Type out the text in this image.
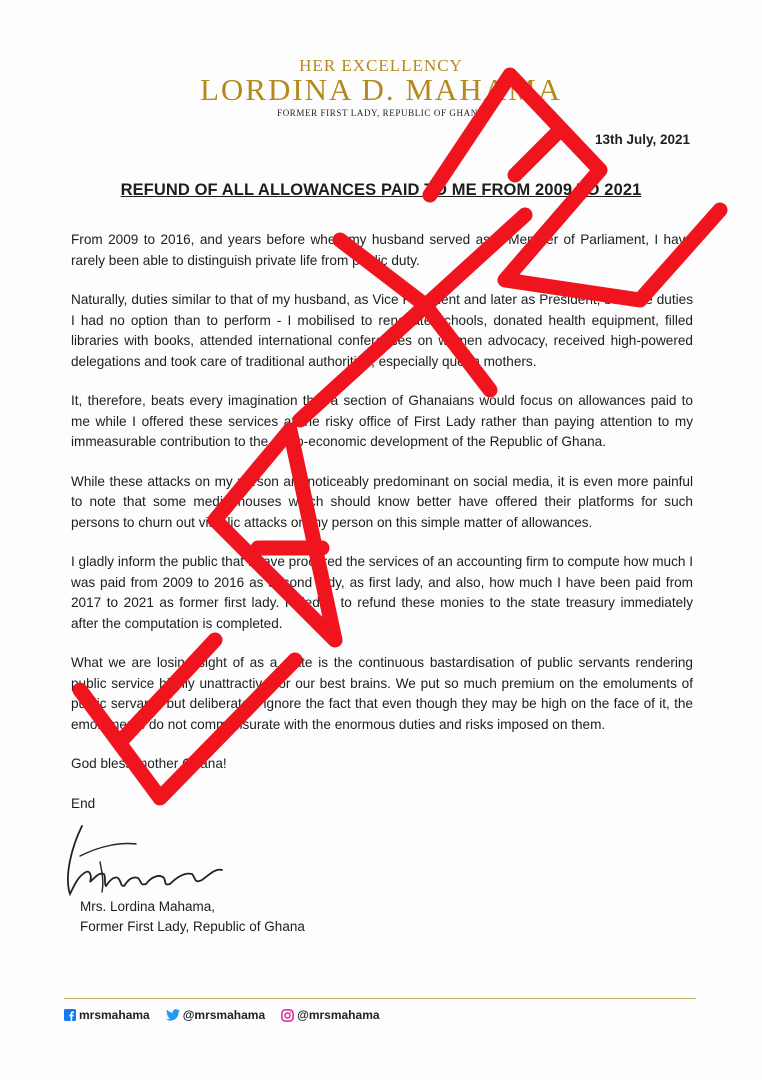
HER EXCELLENCY
LORDINA D. MAHAMA
FORMER FIRST LADY, REPUBLIC OF GHANA
13th July, 2021
REFUND OF ALL ALLOWANCES PAID TO ME FROM 2009 TO 2021

From 2009 to 2016, and years before when my husband served as a Member of Parliament, I have rarely been able to distinguish private life from public duty.

Naturally, duties similar to that of my husband, as Vice President and later as President, became duties I had no option than to perform - I mobilised to renovate schools, donated health equipment, filled libraries with books, attended international conferences on women advocacy, received high-powered delegations and took care of traditional authorities, especially queen mothers.

It, therefore, beats every imagination that a section of Ghanaians would focus on allowances paid to me while I offered these services at the risky office of First Lady rather than paying attention to my immeasurable contribution to the socio-economic development of the Republic of Ghana.

While these attacks on my person are noticeably predominant on social media, it is even more painful to note that some media houses which should know better have offered their platforms for such persons to churn out vitriolic attacks on my person on this simple matter of allowances.

I gladly inform the public that I have procured the services of an accounting firm to compute how much I was paid from 2009 to 2016 as second lady, as first lady, and also, how much I have been paid from 2017 to 2021 as former first lady. I pledge to refund these monies to the state treasury immediately after the computation is completed.

What we are losing sight of as a state is the continuous bastardisation of public servants rendering public service highly unattractive for our best brains. We put so much premium on the emoluments of public servants but deliberately ignore the fact that even though they may be high on the face of it, the emoluments do not commensurate with the enormous duties and risks imposed on them.

God bless mother Ghana!

End

Mrs. Lordina Mahama,
Former First Lady, Republic of Ghana
mrsmahama	@mrsmahama	@mrsmahama
